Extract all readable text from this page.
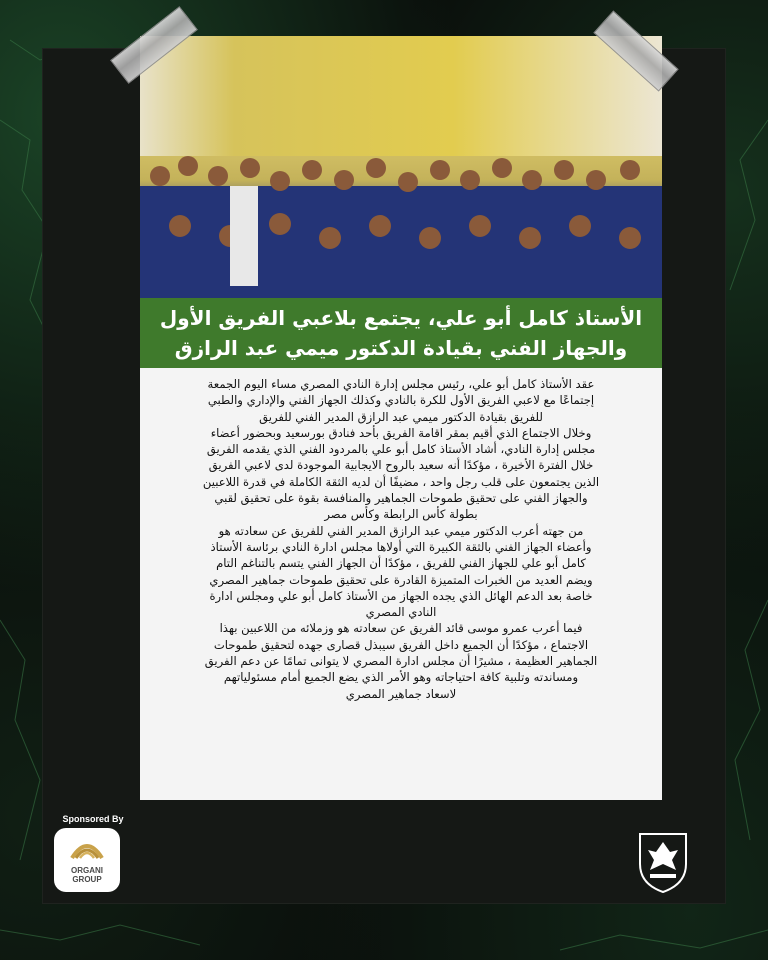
الأستاذ كامل أبو علي، يجتمع بلاعبي الفريق الأول
والجهاز الفني بقيادة الدكتور ميمي عبد الرازق

عقد الأستاذ كامل أبو علي، رئيس مجلس إدارة النادي المصري مساء اليوم الجمعة

إجتماعًا مع لاعبي الفريق الأول للكرة بالنادي وكذلك الجهاز الفني والإداري والطبي

للفريق بقيادة الدكتور ميمي عبد الرازق المدير الفني للفريق

وخلال الاجتماع الذي أقيم بمقر اقامة الفريق بأحد فنادق بورسعيد وبحضور أعضاء

مجلس إدارة النادي، أشاد الأستاذ كامل أبو علي بالمردود الفني الذي يقدمه الفريق

خلال الفترة الأخيرة ، مؤكدًا أنه سعيد بالروح الايجابية الموجودة لدى لاعبي الفريق

الذين يجتمعون على قلب رجل واحد ، مضيفًا أن لديه الثقة الكاملة في قدرة اللاعبين

والجهاز الفني على تحقيق طموحات الجماهير والمنافسة بقوة على تحقيق لقبي

بطولة كأس الرابطة وكأس مصر

من جهته أعرب الدكتور ميمي عبد الرازق المدير الفني للفريق عن سعادته هو

وأعضاء الجهاز الفني بالثقة الكبيرة التي أولاها مجلس ادارة النادي برئاسة الأستاذ

كامل أبو علي للجهاز الفني للفريق ، مؤكدًا أن الجهاز الفني يتسم بالتناغم التام

ويضم العديد من الخبرات المتميزة القادرة على تحقيق طموحات جماهير المصري

خاصة بعد الدعم الهائل الذي يجده الجهاز من الأستاذ كامل أبو علي ومجلس ادارة

النادي المصري

فيما أعرب عمرو موسى قائد الفريق عن سعادته هو وزملائه من اللاعبين بهذا

الاجتماع ، مؤكدًا أن الجميع داخل الفريق سيبذل قصارى جهده لتحقيق طموحات

الجماهير العظيمة ، مشيرًا أن مجلس ادارة المصري لا يتوانى تمامًا عن دعم الفريق

ومساندته وتلبية كافة احتياجاته وهو الأمر الذي يضع الجميع أمام مسئولياتهم

لاسعاد جماهير المصري

Sponsored By
ORGANI
GROUP
